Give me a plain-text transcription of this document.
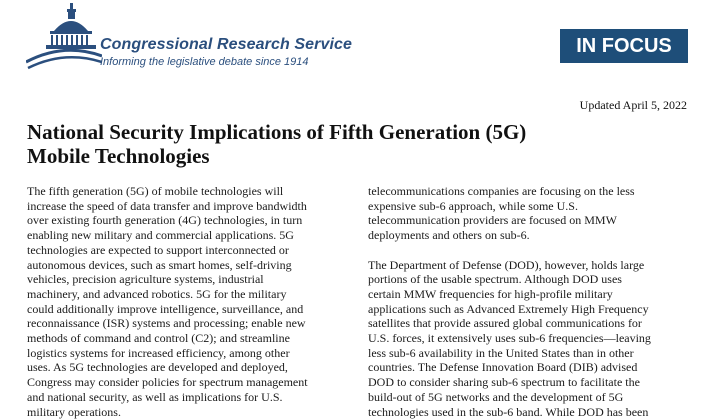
Congressional Research Service
Informing the legislative debate since 1914
IN FOCUS
Updated April 5, 2022
National Security Implications of Fifth Generation (5G)
Mobile Technologies

The fifth generation (5G) of mobile technologies will

increase the speed of data transfer and improve bandwidth

over existing fourth generation (4G) technologies, in turn

enabling new military and commercial applications. 5G

technologies are expected to support interconnected or

autonomous devices, such as smart homes, self-driving

vehicles, precision agriculture systems, industrial

machinery, and advanced robotics. 5G for the military

could additionally improve intelligence, surveillance, and

reconnaissance (ISR) systems and processing; enable new

methods of command and control (C2); and streamline

logistics systems for increased efficiency, among other

uses. As 5G technologies are developed and deployed,

Congress may consider policies for spectrum management

and national security, as well as implications for U.S.

military operations.

telecommunications companies are focusing on the less

expensive sub-6 approach, while some U.S.

telecommunication providers are focused on MMW

deployments and others on sub-6.

The Department of Defense (DOD), however, holds large

portions of the usable spectrum. Although DOD uses

certain MMW frequencies for high-profile military

applications such as Advanced Extremely High Frequency

satellites that provide assured global communications for

U.S. forces, it extensively uses sub-6 frequencies—leaving

less sub-6 availability in the United States than in other

countries. The Defense Innovation Board (DIB) advised

DOD to consider sharing sub-6 spectrum to facilitate the

build-out of 5G networks and the development of 5G

technologies used in the sub-6 band. While DOD has been
